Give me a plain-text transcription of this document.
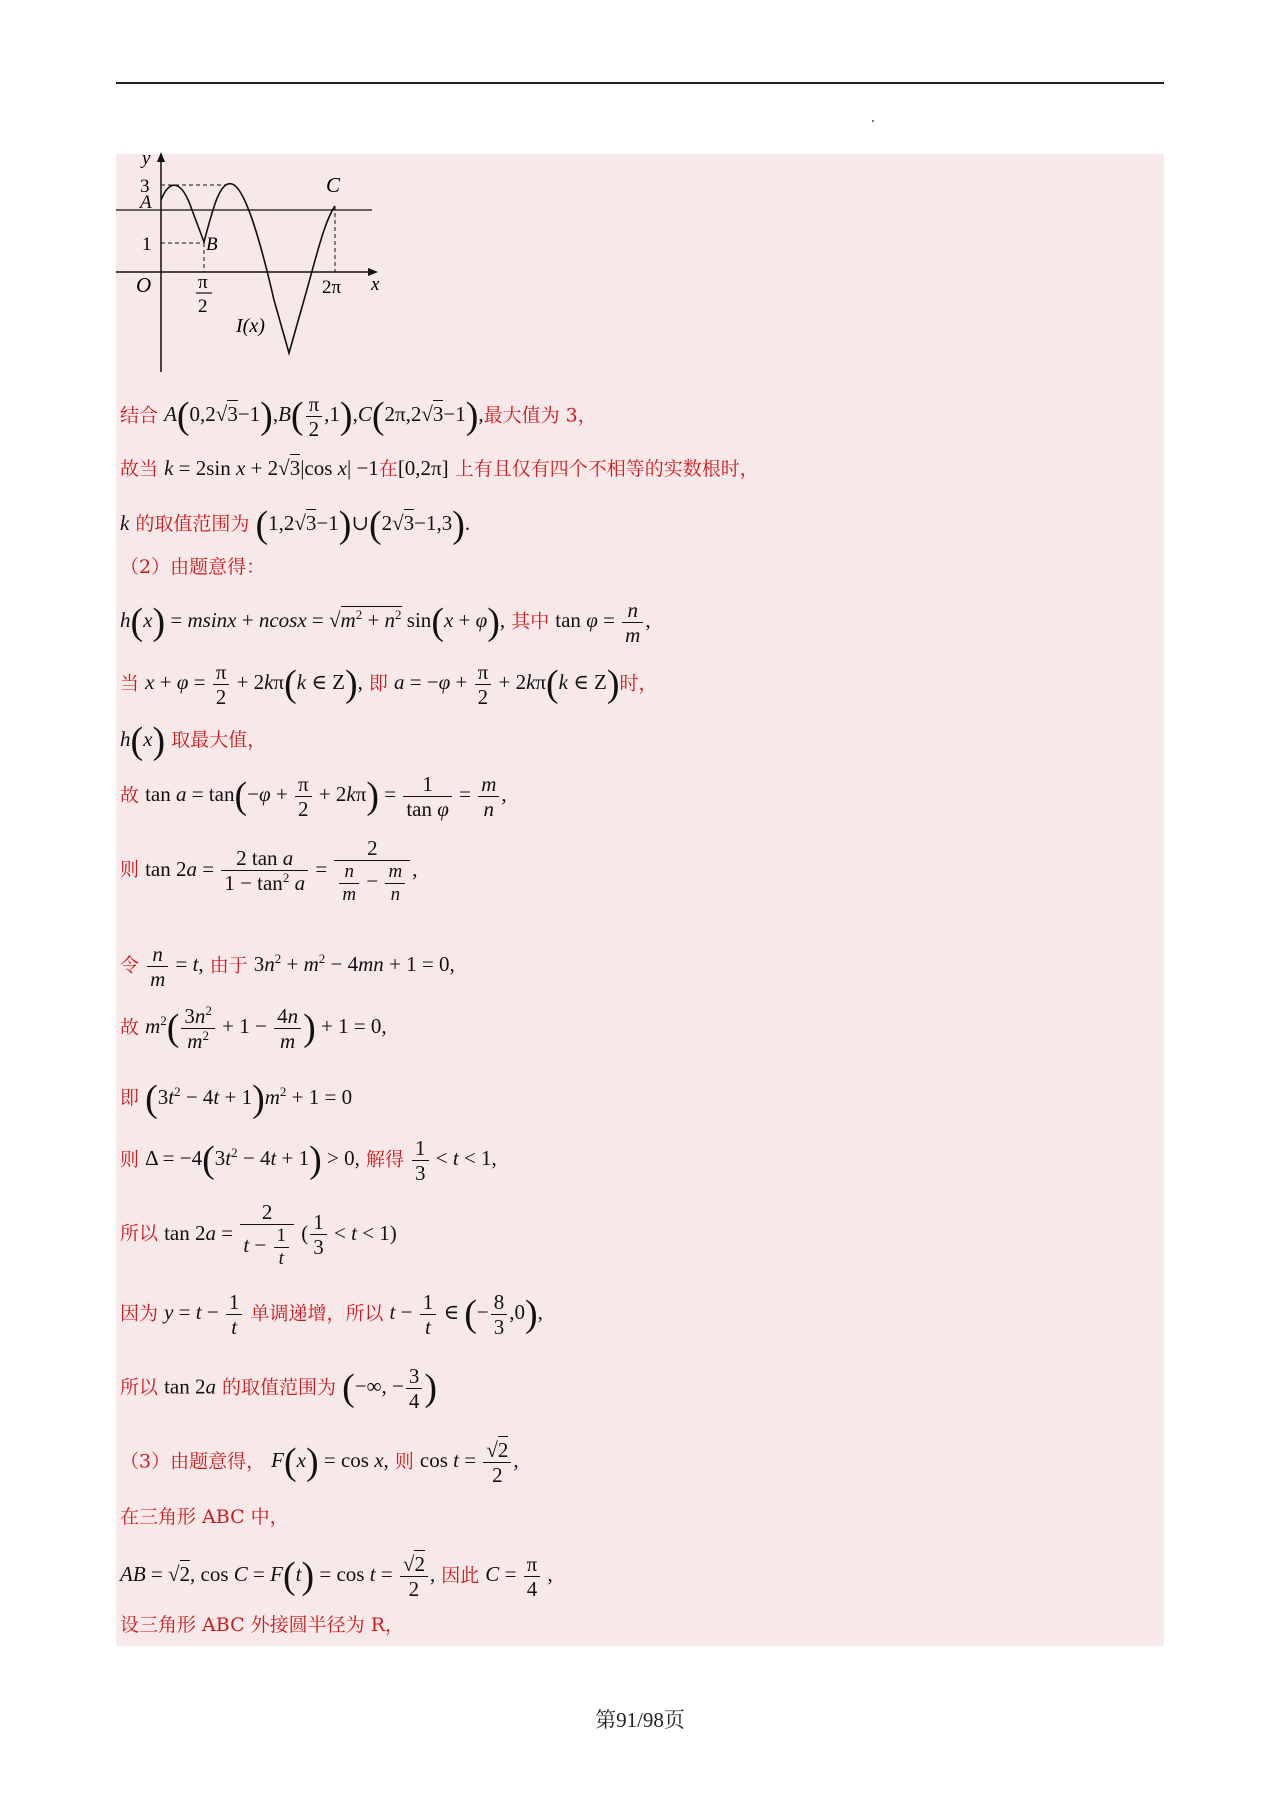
y
3
A
1	B
C
O π
2
2π x
I(x)
结合 $A(0,2√3-1),B( \frac{\pi}{2} ,1),C(2\pi,2√3-1)$,最大值为 3，
故当 k = 2sin x + 2√3|cos x| −1在[0,2π] 上有且仅有四个不相等的实数根时，
k 的取值范围为 (1,2√3−1)∪(2√3−1,3).
（2）由题意得：
$h(x) = msinx + ncosx = √m^2 + n^2$ sin(x + φ), 其中 $\tan \varphi = \frac{n}{m}$ ,
当 $x + \varphi = \frac{\pi}{2} + 2k\pi(k$ ∈ Z), 即 $a = -\varphi + \frac{\pi}{2} + 2k\pi(k$ ∈ Z)时，
h(x) 取最大值，
故 $\tan a = \tan(-\varphi + \frac{\pi}{2} + 2k\pi) = \frac{1}{\text{tan φ}} = \frac{m}{n}$ ,
则 $\tan 2a = \frac{\text{2 tan a}}{1 - \tan^2 a} = \frac{2}{\frac{n}{m} - \frac{m}{n}}$ ,
令 $\frac{n}{m} = t$, 由于 $3n^2 + m^2 - 4mn + 1 = 0$,
故 $m^2( \frac{3n^2}{m^2} + 1 - \frac{4n}{m}$ ) + 1 = 0,
即 $(3t^2 - 4t + 1)m^2 + 1 = 0$
则 $\Delta = -4(3t^2 - 4t + 1) > 0$, 解得 $\frac{1}{3} < t < 1$,
所以 $\tan 2a = \frac{2}{t - \frac{1}{t}}$ ( $\frac{1}{3} < t < 1$)
因为 $y = t - \frac{1}{t}$ 单调递增，所以 $t - \frac{1}{t}$ ∈ (− $\frac{8}{3} ,0$),
所以 tan 2a 的取值范围为 (−∞, − $\frac{3}{4}$ )
（3）由题意得， F(x) = cos x, 则 $\cos t = \frac{√2}{2}$ ,
在三角形 ABC 中，
AB = √2, $\cos C = F(t) = \cos t = \frac{√2}{2}$ , 因此 $C = \frac{\pi}{4}$ ,
设三角形 ABC 外接圆半径为 R，
第91/98页
